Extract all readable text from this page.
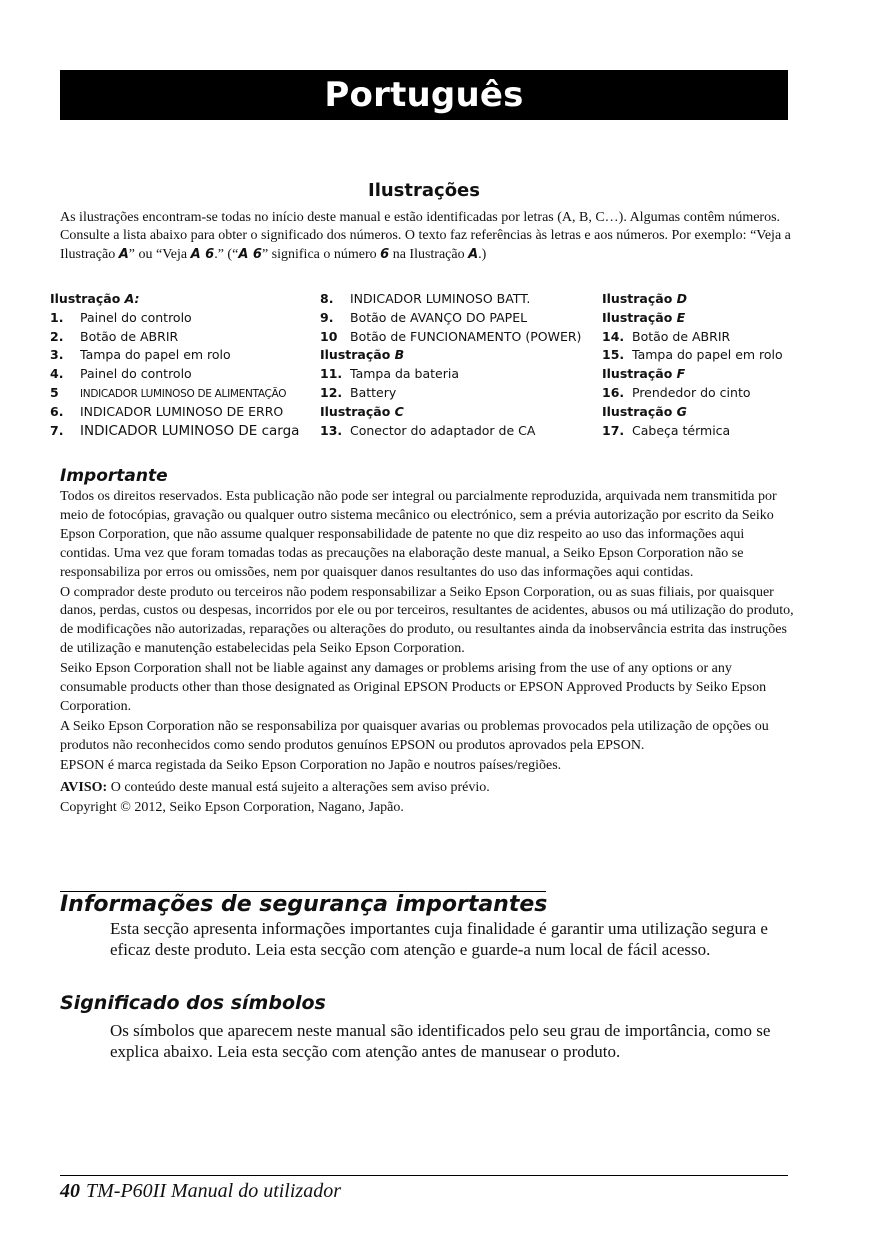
Português
Ilustrações
As ilustrações encontram-se todas no início deste manual e estão identificadas por letras (A, B, C…). Algumas contêm números. Consulte a lista abaixo para obter o significado dos números. O texto faz referências às letras e aos números. Por exemplo: “Veja a Ilustração A” ou “Veja A 6.” (“A 6” significa o número 6 na Ilustração A.)
Ilustração A:
1. Painel do controlo
2. Botão de ABRIR
3. Tampa do papel em rolo
4. Painel do controlo
5 INDICADOR LUMINOSO DE ALIMENTAÇÃO
6. INDICADOR LUMINOSO DE ERRO
7. INDICADOR LUMINOSO DE carga
8. INDICADOR LUMINOSO BATT.
9. Botão de AVANÇO DO PAPEL
10 Botão de FUNCIONAMENTO (POWER)
Ilustração B
11. Tampa da bateria
12. Battery
Ilustração C
13. Conector do adaptador de CA
Ilustração D
Ilustração E
14. Botão de ABRIR
15. Tampa do papel em rolo
Ilustração F
16. Prendedor do cinto
Ilustração G
17. Cabeça térmica
Importante

Todos os direitos reservados. Esta publicação não pode ser integral ou parcialmente reproduzida, arquivada nem transmitida por meio de fotocópias, gravação ou qualquer outro sistema mecânico ou electrónico, sem a prévia autorização por escrito da Seiko Epson Corporation, que não assume qualquer responsabilidade de patente no que diz respeito ao uso das informações aqui contidas. Uma vez que foram tomadas todas as precauções na elaboração deste manual, a Seiko Epson Corporation não se responsabiliza por erros ou omissões, nem por quaisquer danos resultantes do uso das informações aqui contidas.

O comprador deste produto ou terceiros não podem responsabilizar a Seiko Epson Corporation, ou as suas filiais, por quaisquer danos, perdas, custos ou despesas, incorridos por ele ou por terceiros, resultantes de acidentes, abusos ou má utilização do produto, de modificações não autorizadas, reparações ou alterações do produto, ou resultantes ainda da inobservância estrita das instruções de utilização e manutenção estabelecidas pela Seiko Epson Corporation.

Seiko Epson Corporation shall not be liable against any damages or problems arising from the use of any options or any consumable products other than those designated as Original EPSON Products or EPSON Approved Products by Seiko Epson Corporation.

A Seiko Epson Corporation não se responsabiliza por quaisquer avarias ou problemas provocados pela utilização de opções ou produtos não reconhecidos como sendo produtos genuínos EPSON ou produtos aprovados pela EPSON.

EPSON é marca registada da Seiko Epson Corporation no Japão e noutros países/regiões.

AVISO: O conteúdo deste manual está sujeito a alterações sem aviso prévio.

Copyright © 2012, Seiko Epson Corporation, Nagano, Japão.

Informações de segurança importantes
Esta secção apresenta informações importantes cuja finalidade é garantir uma utilização segura e eficaz deste produto. Leia esta secção com atenção e guarde-a num local de fácil acesso.
Significado dos símbolos
Os símbolos que aparecem neste manual são identificados pelo seu grau de importância, como se explica abaixo. Leia esta secção com atenção antes de manusear o produto.
40 TM-P60II Manual do utilizador
